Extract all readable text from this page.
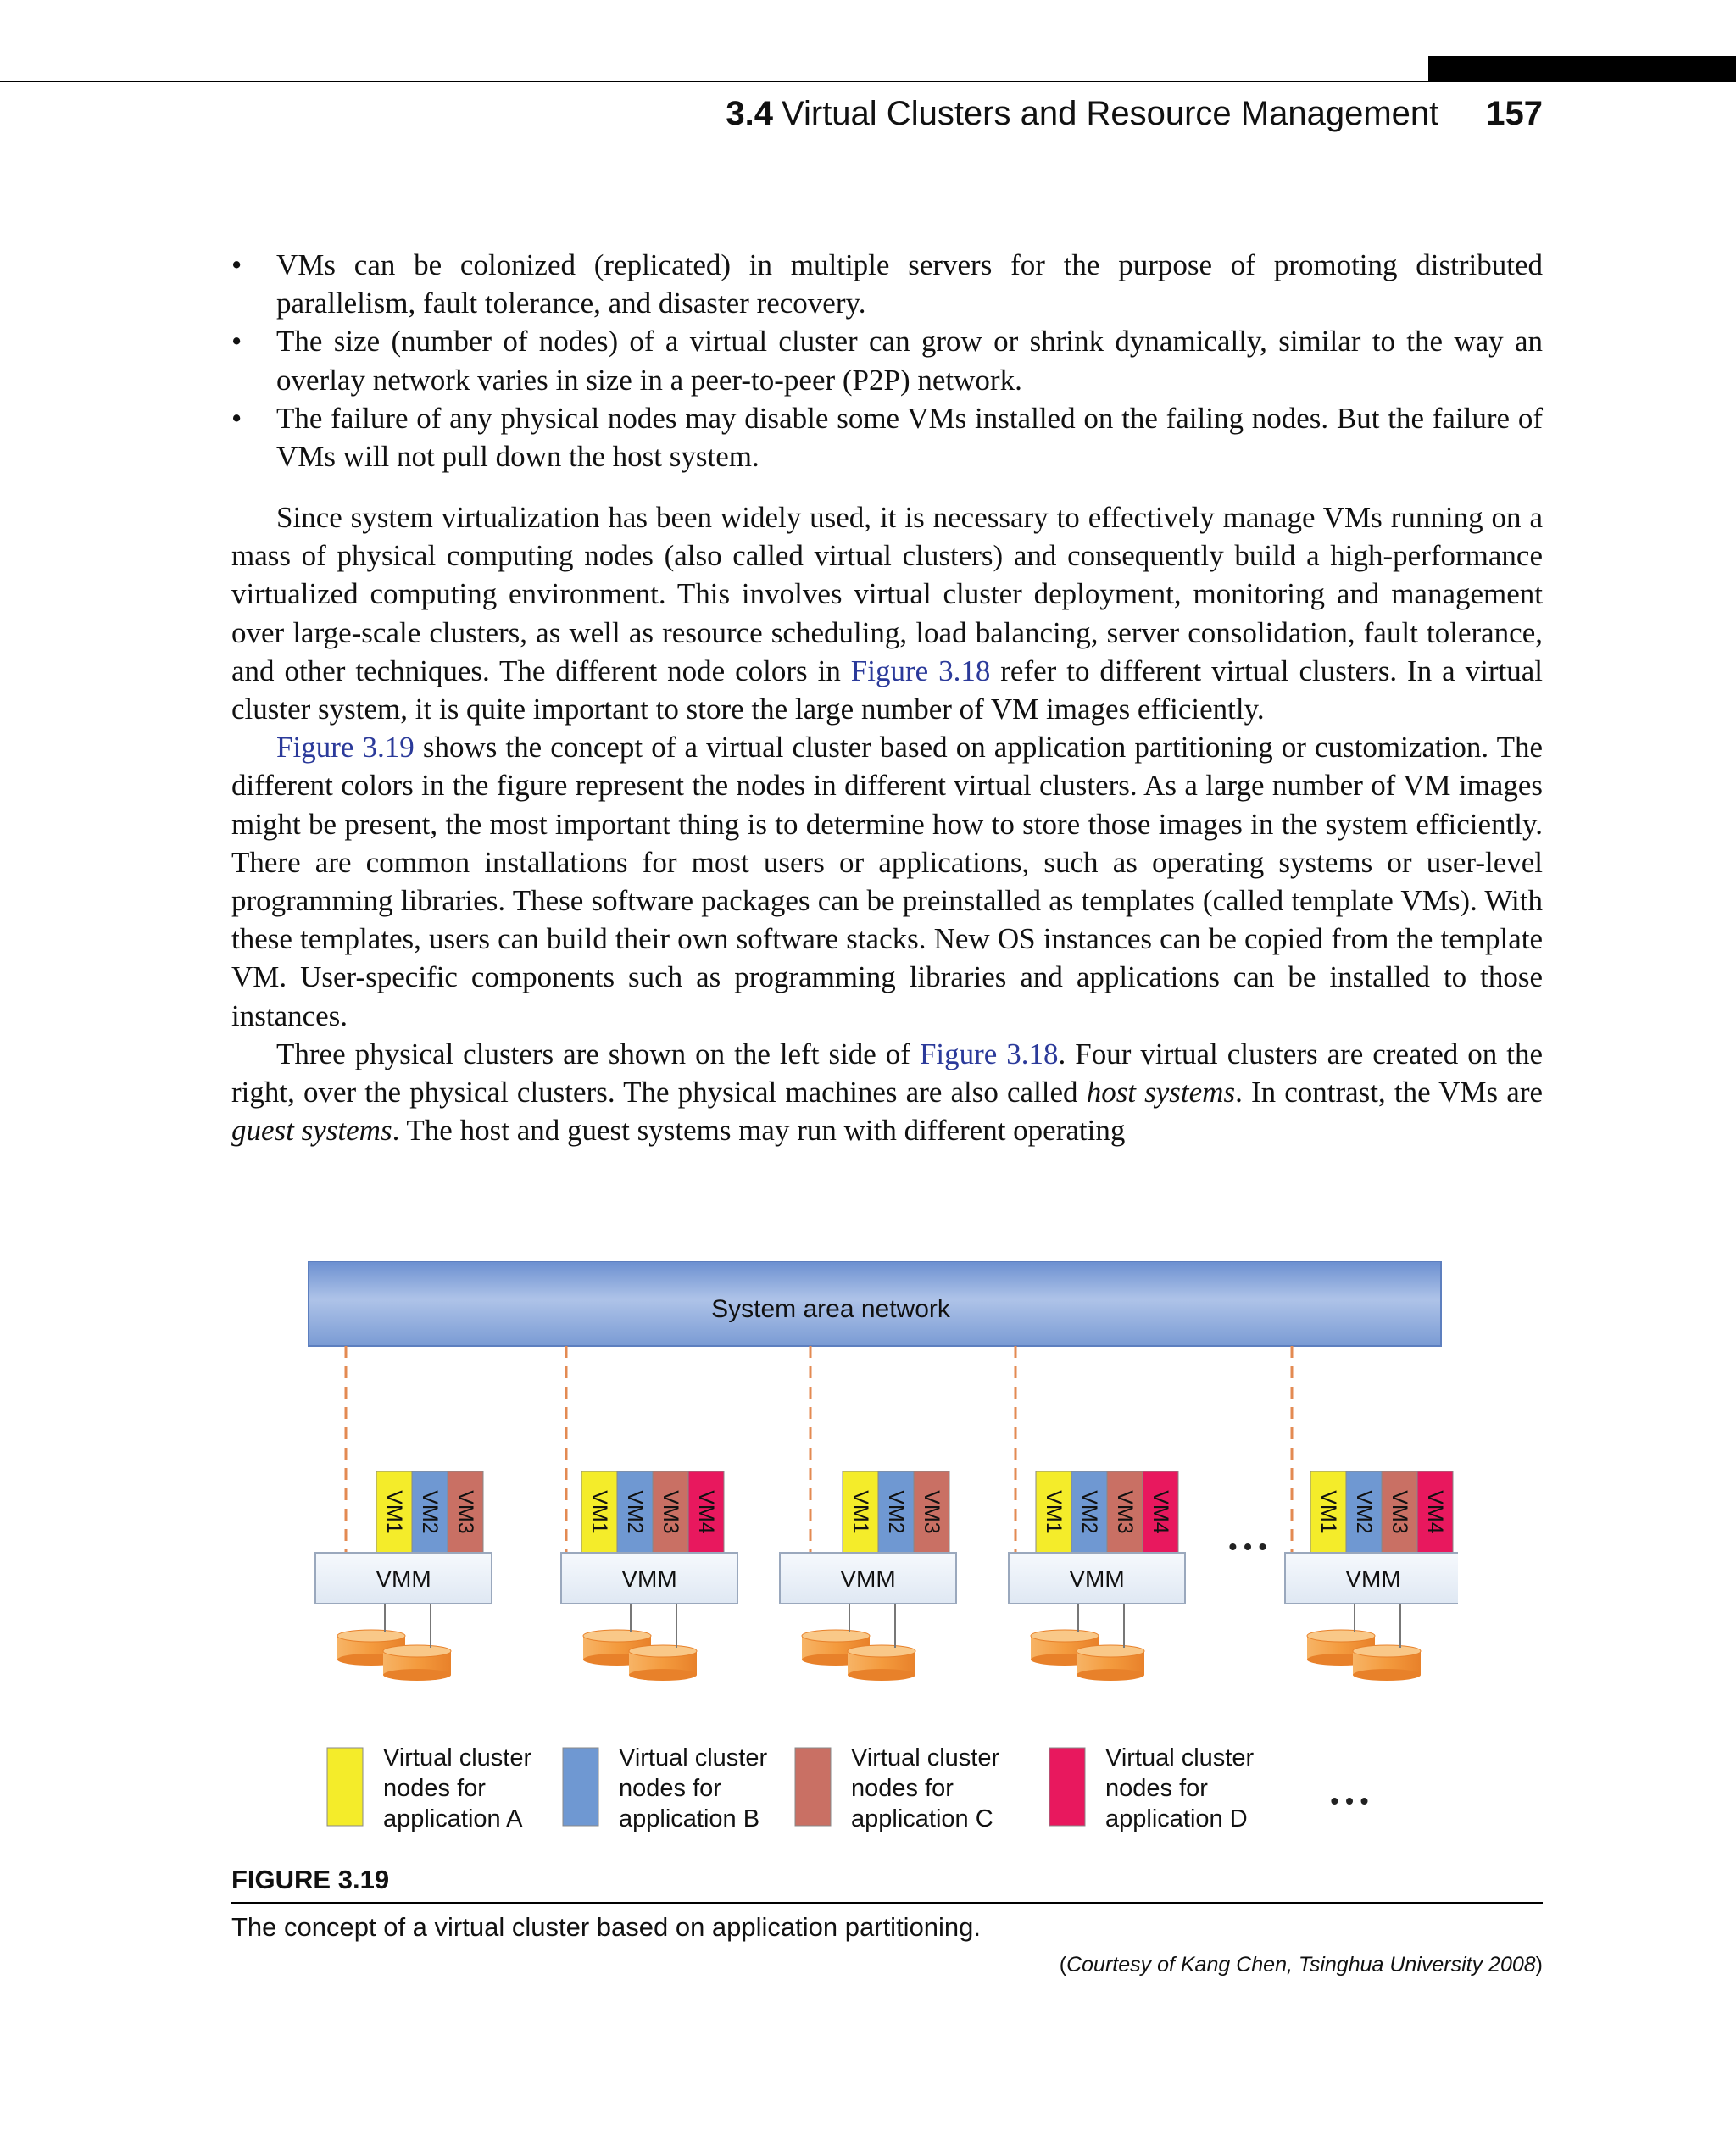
3.4 Virtual Clusters and Resource Management 157
• VMs can be colonized (replicated) in multiple servers for the purpose of promoting distributed parallelism, fault tolerance, and disaster recovery.
• The size (number of nodes) of a virtual cluster can grow or shrink dynamically, similar to the way an overlay network varies in size in a peer-to-peer (P2P) network.
• The failure of any physical nodes may disable some VMs installed on the failing nodes. But the failure of VMs will not pull down the host system.

Since system virtualization has been widely used, it is necessary to effectively manage VMs running on a mass of physical computing nodes (also called virtual clusters) and consequently build a high-performance virtualized computing environment. This involves virtual cluster deployment, monitoring and management over large-scale clusters, as well as resource scheduling, load balancing, server consolidation, fault tolerance, and other techniques. The different node colors in Figure 3.18 refer to different virtual clusters. In a virtual cluster system, it is quite important to store the large number of VM images efficiently.

Figure 3.19 shows the concept of a virtual cluster based on application partitioning or customization. The different colors in the figure represent the nodes in different virtual clusters. As a large number of VM images might be present, the most important thing is to determine how to store those images in the system efficiently. There are common installations for most users or applications, such as operating systems or user-level programming libraries. These software packages can be preinstalled as templates (called template VMs). With these templates, users can build their own software stacks. New OS instances can be copied from the template VM. User-specific components such as programming libraries and applications can be installed to those instances.

Three physical clusters are shown on the left side of Figure 3.18. Four virtual clusters are created on the right, over the physical clusters. The physical machines are also called host systems. In contrast, the VMs are guest systems. The host and guest systems may run with different operating

System area network
VM1 VM2 VM3
VMM
VM1 VM2 VM3 VM4
VMM
VM1 VM2 VM3
VMM
VM1 VM2 VM3 VM4
VMM
VM1 VM2 VM3 VM4
VMM
• • •
Virtual cluster
nodes for
application A
Virtual cluster
nodes for
application B
Virtual cluster
nodes for
application C
Virtual cluster
nodes for
application D
• • •
FIGURE 3.19
The concept of a virtual cluster based on application partitioning.
(Courtesy of Kang Chen, Tsinghua University 2008)
